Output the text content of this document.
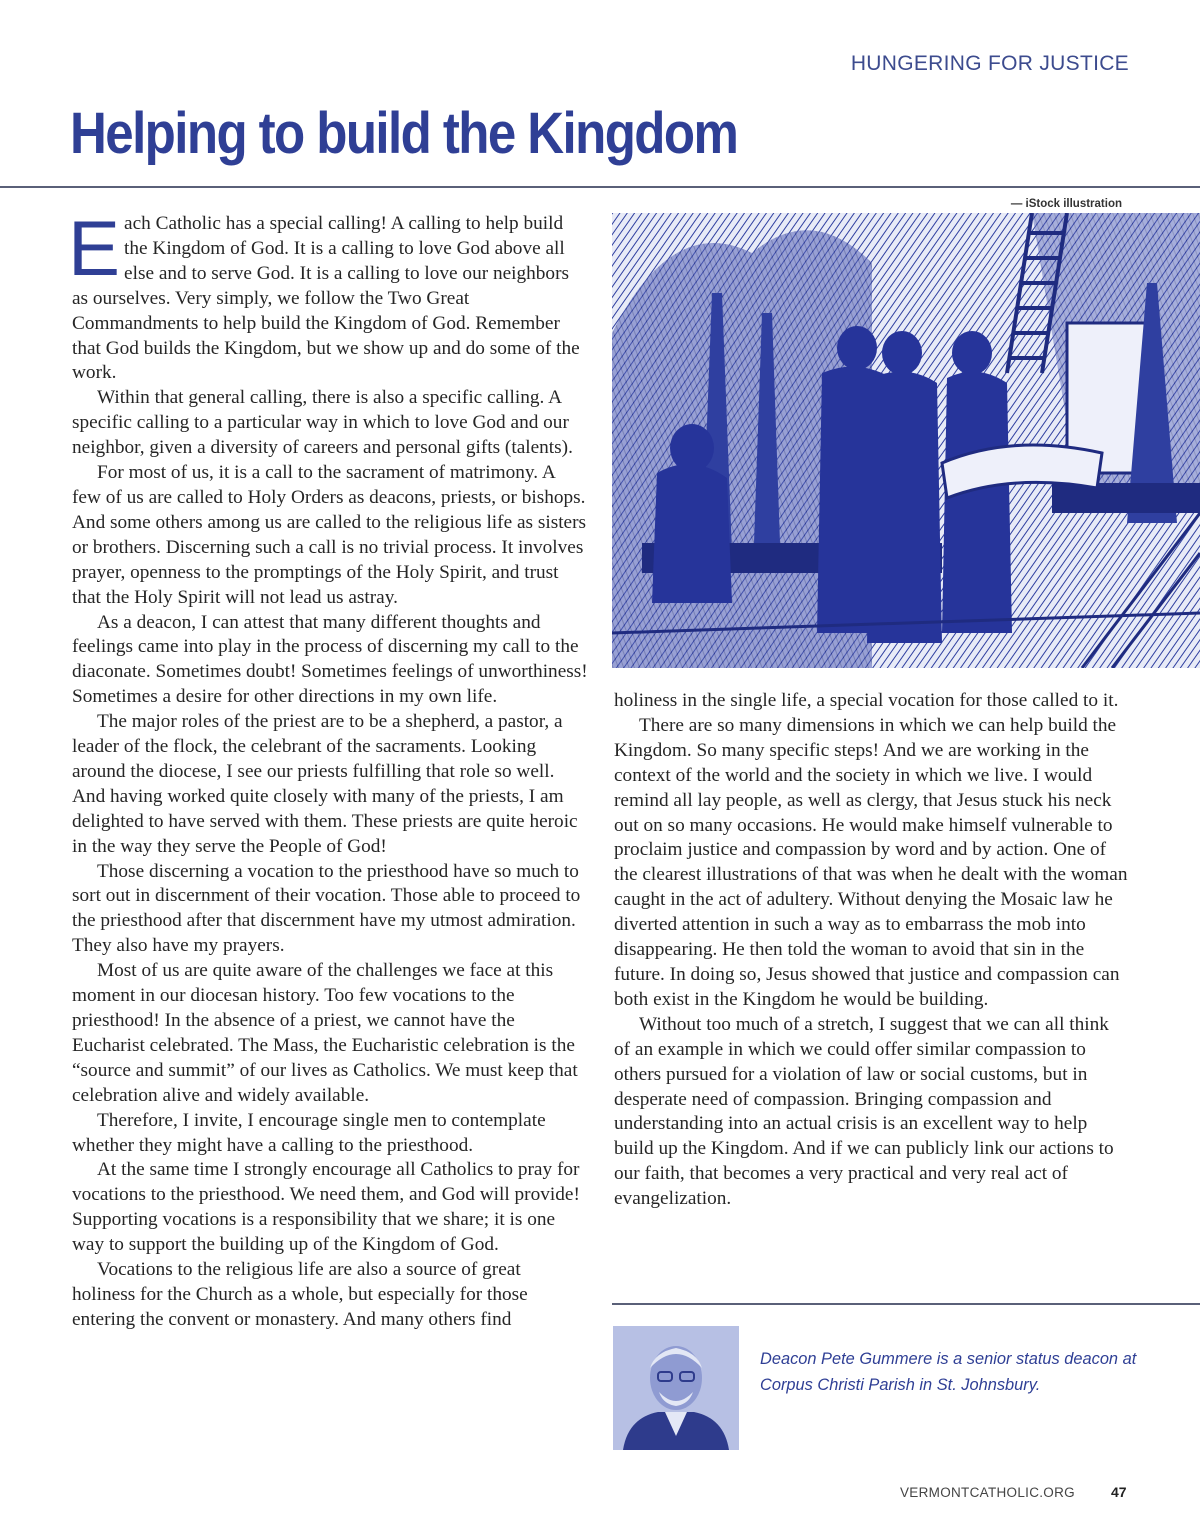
HUNGERING FOR JUSTICE
Helping to build the Kingdom
— iStock illustration

Each Catholic has a special calling! A calling to help build the Kingdom of God. It is a calling to love God above all else and to serve God. It is a calling to love our neighbors as ourselves. Very simply, we follow the Two Great Commandments to help build the Kingdom of God. Remember that God builds the Kingdom, but we show up and do some of the work.

Within that general calling, there is also a specific calling. A specific calling to a particular way in which to love God and our neighbor, given a diversity of careers and personal gifts (talents).

For most of us, it is a call to the sacrament of matrimony. A few of us are called to Holy Orders as deacons, priests, or bishops. And some others among us are called to the religious life as sisters or brothers. Discerning such a call is no trivial process. It involves prayer, openness to the promptings of the Holy Spirit, and trust that the Holy Spirit will not lead us astray.

As a deacon, I can attest that many different thoughts and feelings came into play in the process of discerning my call to the diaconate. Sometimes doubt! Sometimes feelings of unworthiness! Sometimes a desire for other directions in my own life.

The major roles of the priest are to be a shepherd, a pastor, a leader of the flock, the celebrant of the sacraments. Looking around the diocese, I see our priests fulfilling that role so well. And having worked quite closely with many of the priests, I am delighted to have served with them. These priests are quite heroic in the way they serve the People of God!

Those discerning a vocation to the priesthood have so much to sort out in discernment of their vocation. Those able to proceed to the priesthood after that discernment have my utmost admiration. They also have my prayers.

Most of us are quite aware of the challenges we face at this moment in our diocesan history. Too few vocations to the priesthood! In the absence of a priest, we cannot have the Eucharist celebrated. The Mass, the Eucharistic celebration is the “source and summit” of our lives as Catholics. We must keep that celebration alive and widely available.

Therefore, I invite, I encourage single men to contemplate whether they might have a calling to the priesthood.

At the same time I strongly encourage all Catholics to pray for vocations to the priesthood. We need them, and God will provide! Supporting vocations is a responsibility that we share; it is one way to support the building up of the Kingdom of God.

Vocations to the religious life are also a source of great holiness for the Church as a whole, but especially for those entering the convent or monastery. And many others find

holiness in the single life, a special vocation for those called to it.

There are so many dimensions in which we can help build the Kingdom. So many specific steps! And we are working in the context of the world and the society in which we live. I would remind all lay people, as well as clergy, that Jesus stuck his neck out on so many occasions. He would make himself vulnerable to proclaim justice and compassion by word and by action. One of the clearest illustrations of that was when he dealt with the woman caught in the act of adultery. Without denying the Mosaic law he diverted attention in such a way as to embarrass the mob into disappearing. He then told the woman to avoid that sin in the future. In doing so, Jesus showed that justice and compassion can both exist in the Kingdom he would be building.

Without too much of a stretch, I suggest that we can all think of an example in which we could offer similar compassion to others pursued for a violation of law or social customs, but in desperate need of compassion. Bringing compassion and understanding into an actual crisis is an excellent way to help build up the Kingdom. And if we can publicly link our actions to our faith, that becomes a very practical and very real act of evangelization.

Deacon Pete Gummere is a senior status deacon at Corpus Christi Parish in St. Johnsbury.
VERMONTCATHOLIC.ORG	47
